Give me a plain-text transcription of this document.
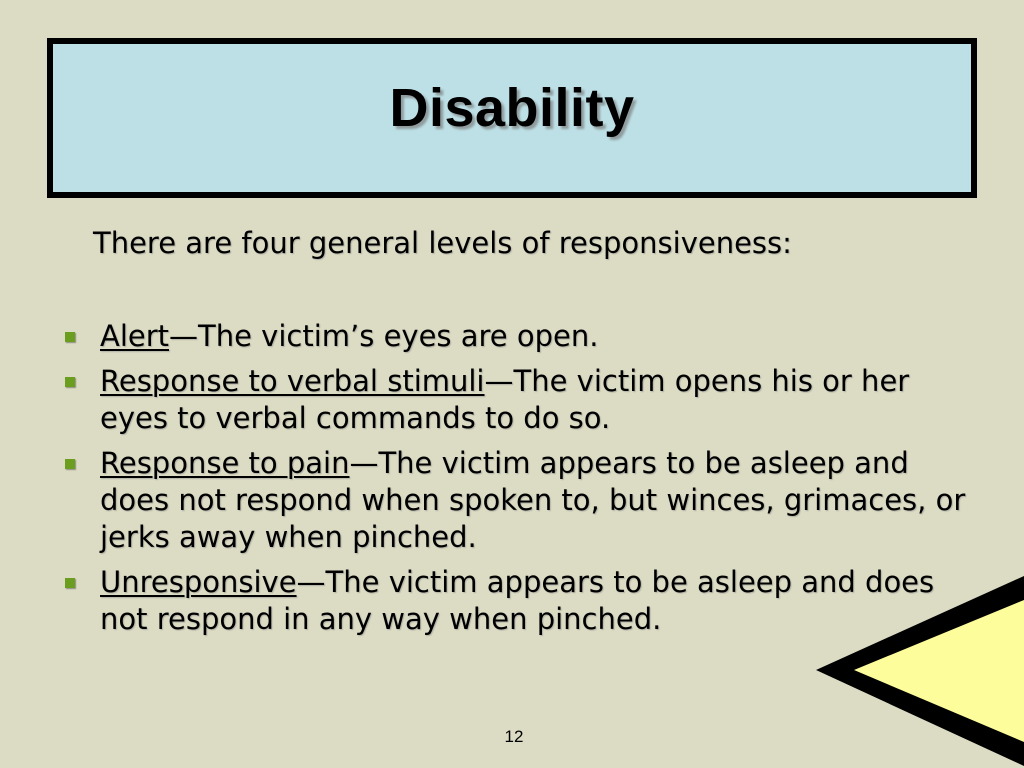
Disability
There are four general levels of responsiveness:
Alert—The victim’s eyes are open.
Response to verbal stimuli—The victim opens his or her eyes to verbal commands to do so.
Response to pain—The victim appears to be asleep and does not respond when spoken to, but winces, grimaces, or jerks away when pinched.
Unresponsive—The victim appears to be asleep and does not respond in any way when pinched.
12
